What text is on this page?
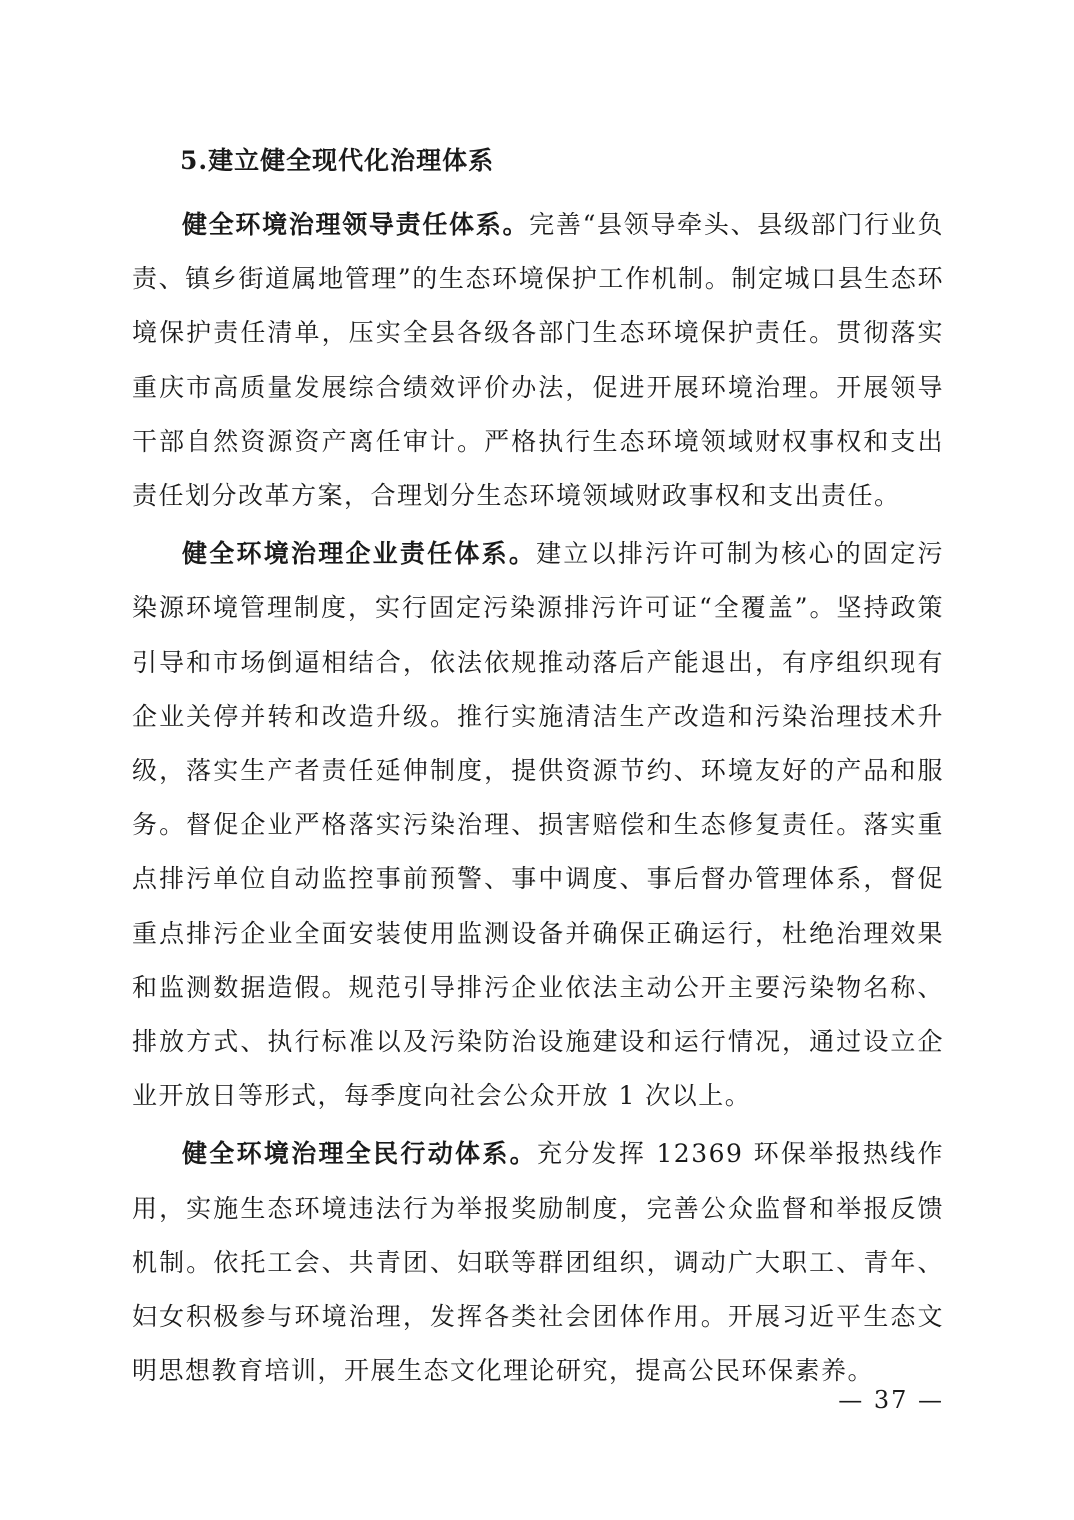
5.建立健全现代化治理体系

健全环境治理领导责任体系。完善“县领导牵头、县级部门行业负责、镇乡街道属地管理”的生态环境保护工作机制。制定城口县生态环境保护责任清单，压实全县各级各部门生态环境保护责任。贯彻落实重庆市高质量发展综合绩效评价办法，促进开展环境治理。开展领导干部自然资源资产离任审计。严格执行生态环境领域财权事权和支出责任划分改革方案，合理划分生态环境领域财政事权和支出责任。

健全环境治理企业责任体系。建立以排污许可制为核心的固定污染源环境管理制度，实行固定污染源排污许可证“全覆盖”。坚持政策引导和市场倒逼相结合，依法依规推动落后产能退出，有序组织现有企业关停并转和改造升级。推行实施清洁生产改造和污染治理技术升级，落实生产者责任延伸制度，提供资源节约、环境友好的产品和服务。督促企业严格落实污染治理、损害赔偿和生态修复责任。落实重点排污单位自动监控事前预警、事中调度、事后督办管理体系，督促重点排污企业全面安装使用监测设备并确保正确运行，杜绝治理效果和监测数据造假。规范引导排污企业依法主动公开主要污染物名称、排放方式、执行标准以及污染防治设施建设和运行情况，通过设立企业开放日等形式，每季度向社会公众开放 1 次以上。

健全环境治理全民行动体系。充分发挥 12369 环保举报热线作用，实施生态环境违法行为举报奖励制度，完善公众监督和举报反馈机制。依托工会、共青团、妇联等群团组织，调动广大职工、青年、妇女积极参与环境治理，发挥各类社会团体作用。开展习近平生态文明思想教育培训，开展生态文化理论研究，提高公民环保素养。

— 37 —
